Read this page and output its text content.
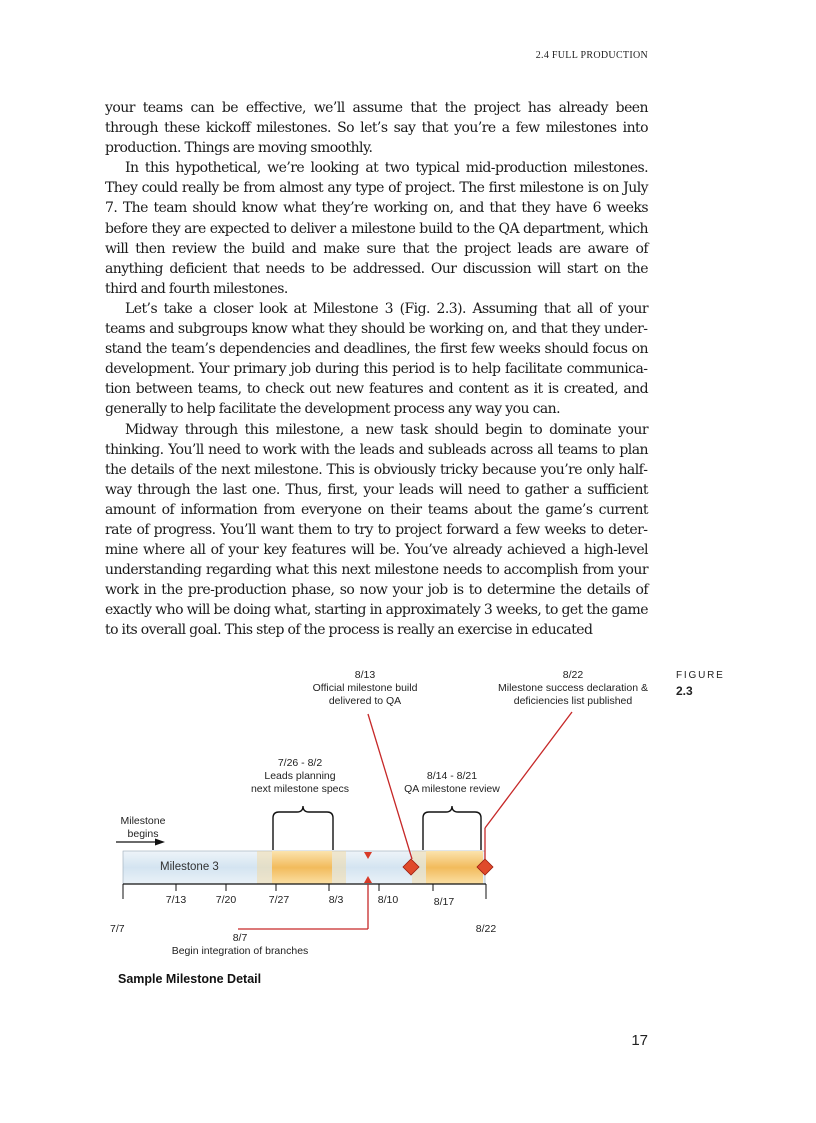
2.4 FULL PRODUCTION

your teams can be effective, we’ll assume that the project has already been through these kickoff milestones. So let’s say that you’re a few milestones into production. Things are moving smoothly.

In this hypothetical, we’re looking at two typical mid-production milestones. They could really be from almost any type of project. The first milestone is on July 7. The team should know what they’re working on, and that they have 6 weeks before they are expected to deliver a milestone build to the QA department, which will then review the build and make sure that the project leads are aware of anything deficient that needs to be addressed. Our discussion will start on the third and fourth milestones.

Let’s take a closer look at Milestone 3 (Fig. 2.3). Assuming that all of your teams and subgroups know what they should be working on, and that they understand the team’s dependencies and deadlines, the first few weeks should focus on development. Your primary job during this period is to help facilitate communication between teams, to check out new features and content as it is created, and generally to help facilitate the development process any way you can.

Midway through this milestone, a new task should begin to dominate your thinking. You’ll need to work with the leads and subleads across all teams to plan the details of the next milestone. This is obviously tricky because you’re only halfway through the last one. Thus, first, your leads will need to gather a sufficient amount of information from everyone on their teams about the game’s current rate of progress. You’ll want them to try to project forward a few weeks to determine where all of your key features will be. You’ve already achieved a high-level understanding regarding what this next milestone needs to accomplish from your work in the pre-production phase, so now your job is to determine the details of exactly who will be doing what, starting in approximately 3 weeks, to get the game to its overall goal. This step of the process is really an exercise in educated

FIGURE
2.3
Milestone
begins
Milestone 3
7/13	7/20	7/27	8/3	8/10	8/17
7/7	8/22
8/7
Begin integration of branches
8/13
Official milestone build
delivered to QA
8/22
Milestone success declaration &
deficiencies list published
7/26 - 8/2
Leads planning
next milestone specs
8/14 - 8/21
QA milestone review
Sample Milestone Detail
17
